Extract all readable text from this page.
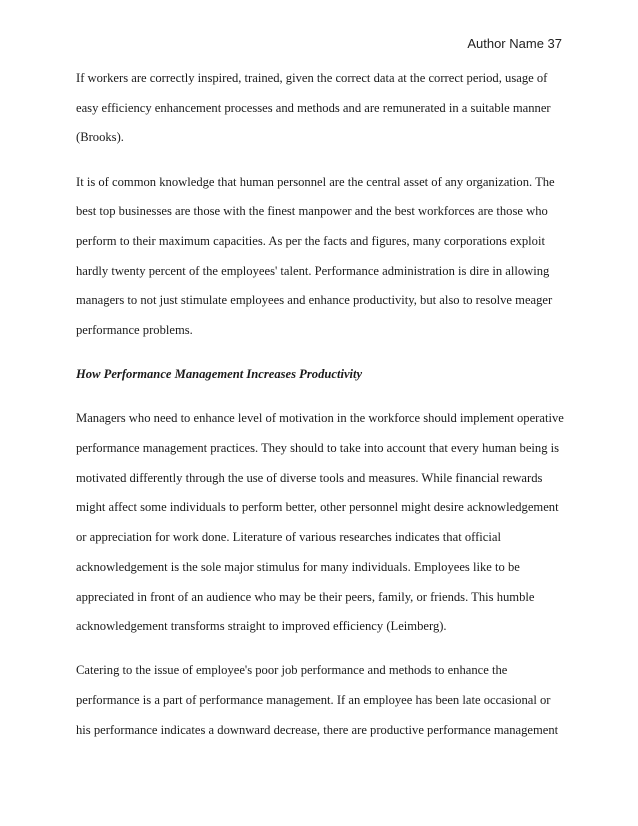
Author Name 37
If workers are correctly inspired, trained, given the correct data at the correct period, usage of
easy efficiency enhancement processes and methods and are remunerated in a suitable manner
(Brooks).
It is of common knowledge that human personnel are the central asset of any organization. The
best top businesses are those with the finest manpower and the best workforces are those who
perform to their maximum capacities. As per the facts and figures, many corporations exploit
hardly twenty percent of the employees' talent. Performance administration is dire in allowing
managers to not just stimulate employees and enhance productivity, but also to resolve meager
performance problems.
How Performance Management Increases Productivity
Managers who need to enhance level of motivation in the workforce should implement operative
performance management practices. They should to take into account that every human being is
motivated differently through the use of diverse tools and measures. While financial rewards
might affect some individuals to perform better, other personnel might desire acknowledgement
or appreciation for work done. Literature of various researches indicates that official
acknowledgement is the sole major stimulus for many individuals. Employees like to be
appreciated in front of an audience who may be their peers, family, or friends. This humble
acknowledgement transforms straight to improved efficiency (Leimberg).
Catering to the issue of employee's poor job performance and methods to enhance the
performance is a part of performance management. If an employee has been late occasional or
his performance indicates a downward decrease, there are productive performance management
